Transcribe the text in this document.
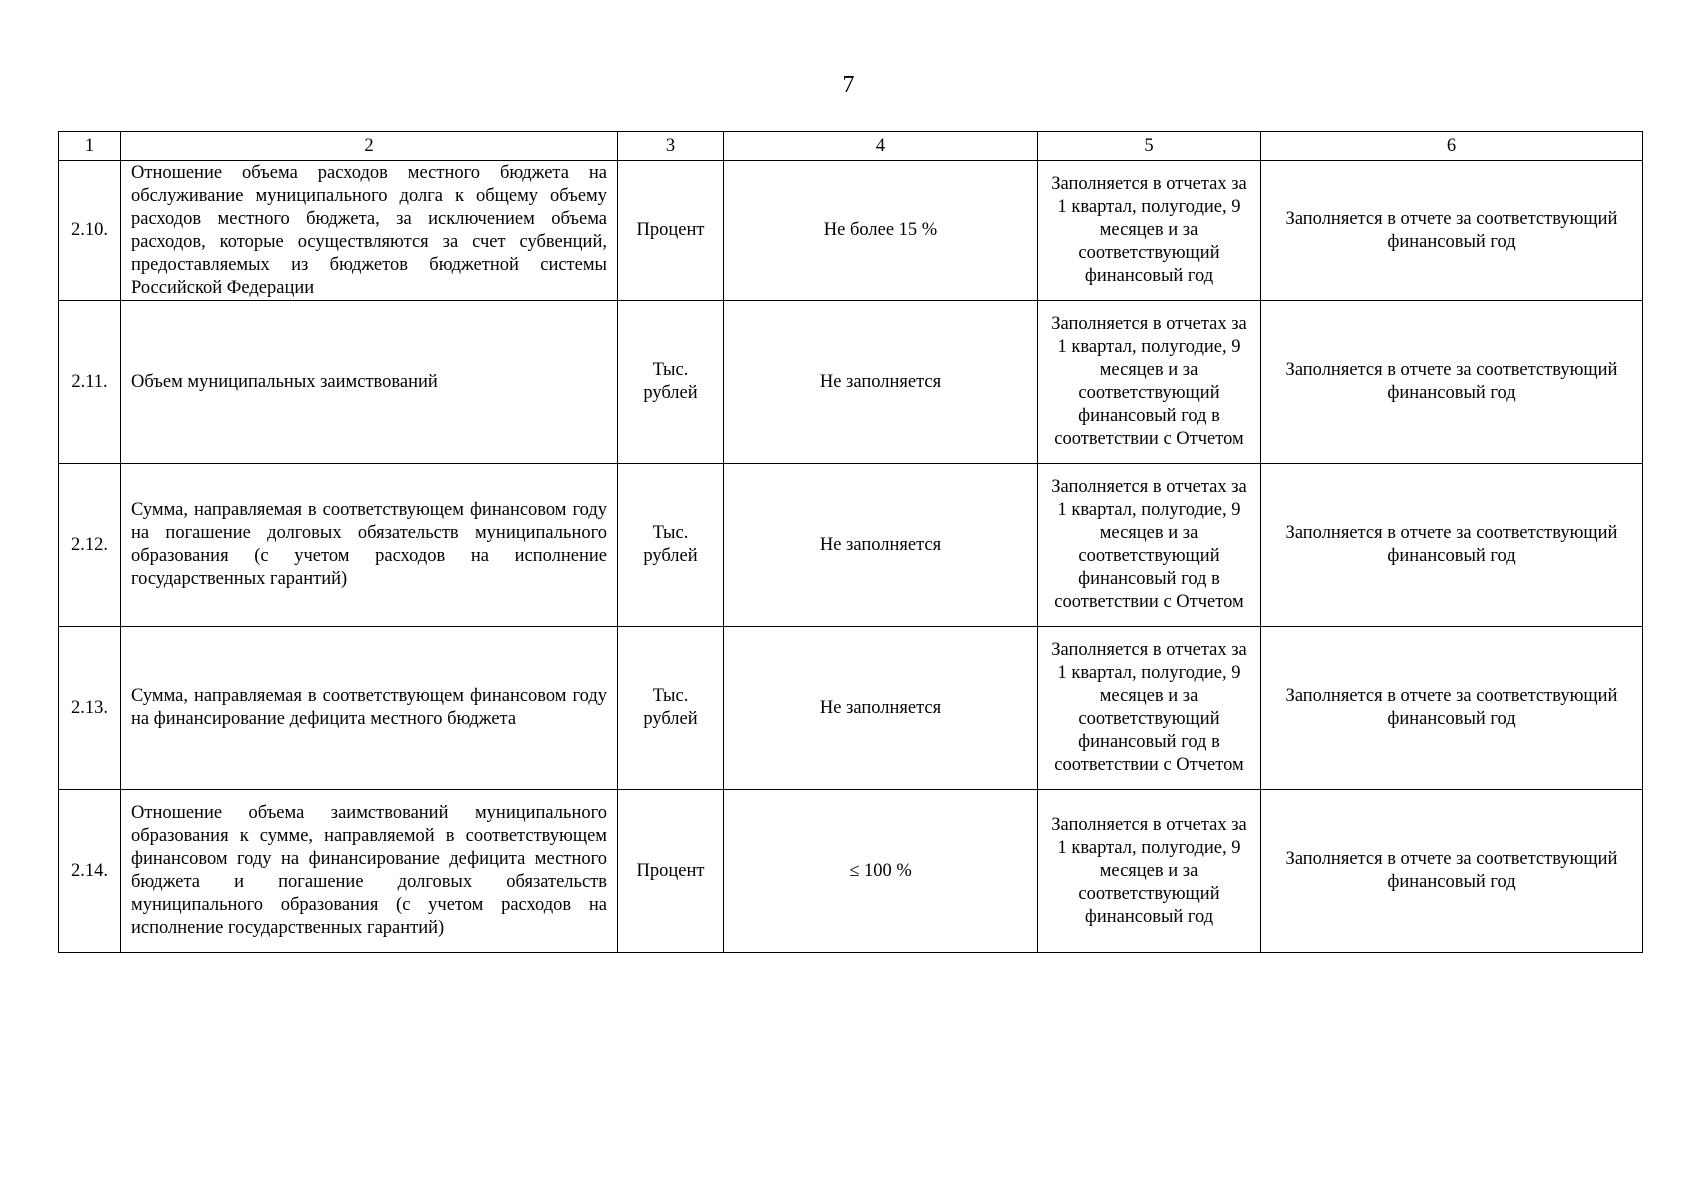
7
1	2	3	4	5	6
2.10.	Отношение объема расходов местного бюджета на обслуживание муниципального долга к общему объему расходов местного бюджета, за исключением объема расходов, которые осуществляются за счет субвенций, предоставляемых из бюджетов бюджетной системы Российской Федерации	Процент	Не более 15 %	Заполняется в отчетах за 1 квартал, полугодие, 9 месяцев и за соответствующий финансовый год	Заполняется в отчете за соответствующий финансовый год
2.11.	Объем муниципальных заимствований	Тыс. рублей	Не заполняется	Заполняется в отчетах за 1 квартал, полугодие, 9 месяцев и за соответствующий финансовый год в соответствии с Отчетом	Заполняется в отчете за соответствующий финансовый год
2.12.	Сумма, направляемая в соответствующем финансовом году на погашение долговых обязательств муниципального образования (с учетом расходов на исполнение государственных гарантий)	Тыс. рублей	Не заполняется	Заполняется в отчетах за 1 квартал, полугодие, 9 месяцев и за соответствующий финансовый год в соответствии с Отчетом	Заполняется в отчете за соответствующий финансовый год
2.13.	Сумма, направляемая в соответствующем финансовом году на финансирование дефицита местного бюджета	Тыс. рублей	Не заполняется	Заполняется в отчетах за 1 квартал, полугодие, 9 месяцев и за соответствующий финансовый год в соответствии с Отчетом	Заполняется в отчете за соответствующий финансовый год
2.14.	Отношение объема заимствований муниципального образования к сумме, направляемой в соответствующем финансовом году на финансирование дефицита местного бюджета и погашение долговых обязательств муниципального образования (с учетом расходов на исполнение государственных гарантий)	Процент	≤ 100 %	Заполняется в отчетах за 1 квартал, полугодие, 9 месяцев и за соответствующий финансовый год	Заполняется в отчете за соответствующий финансовый год
